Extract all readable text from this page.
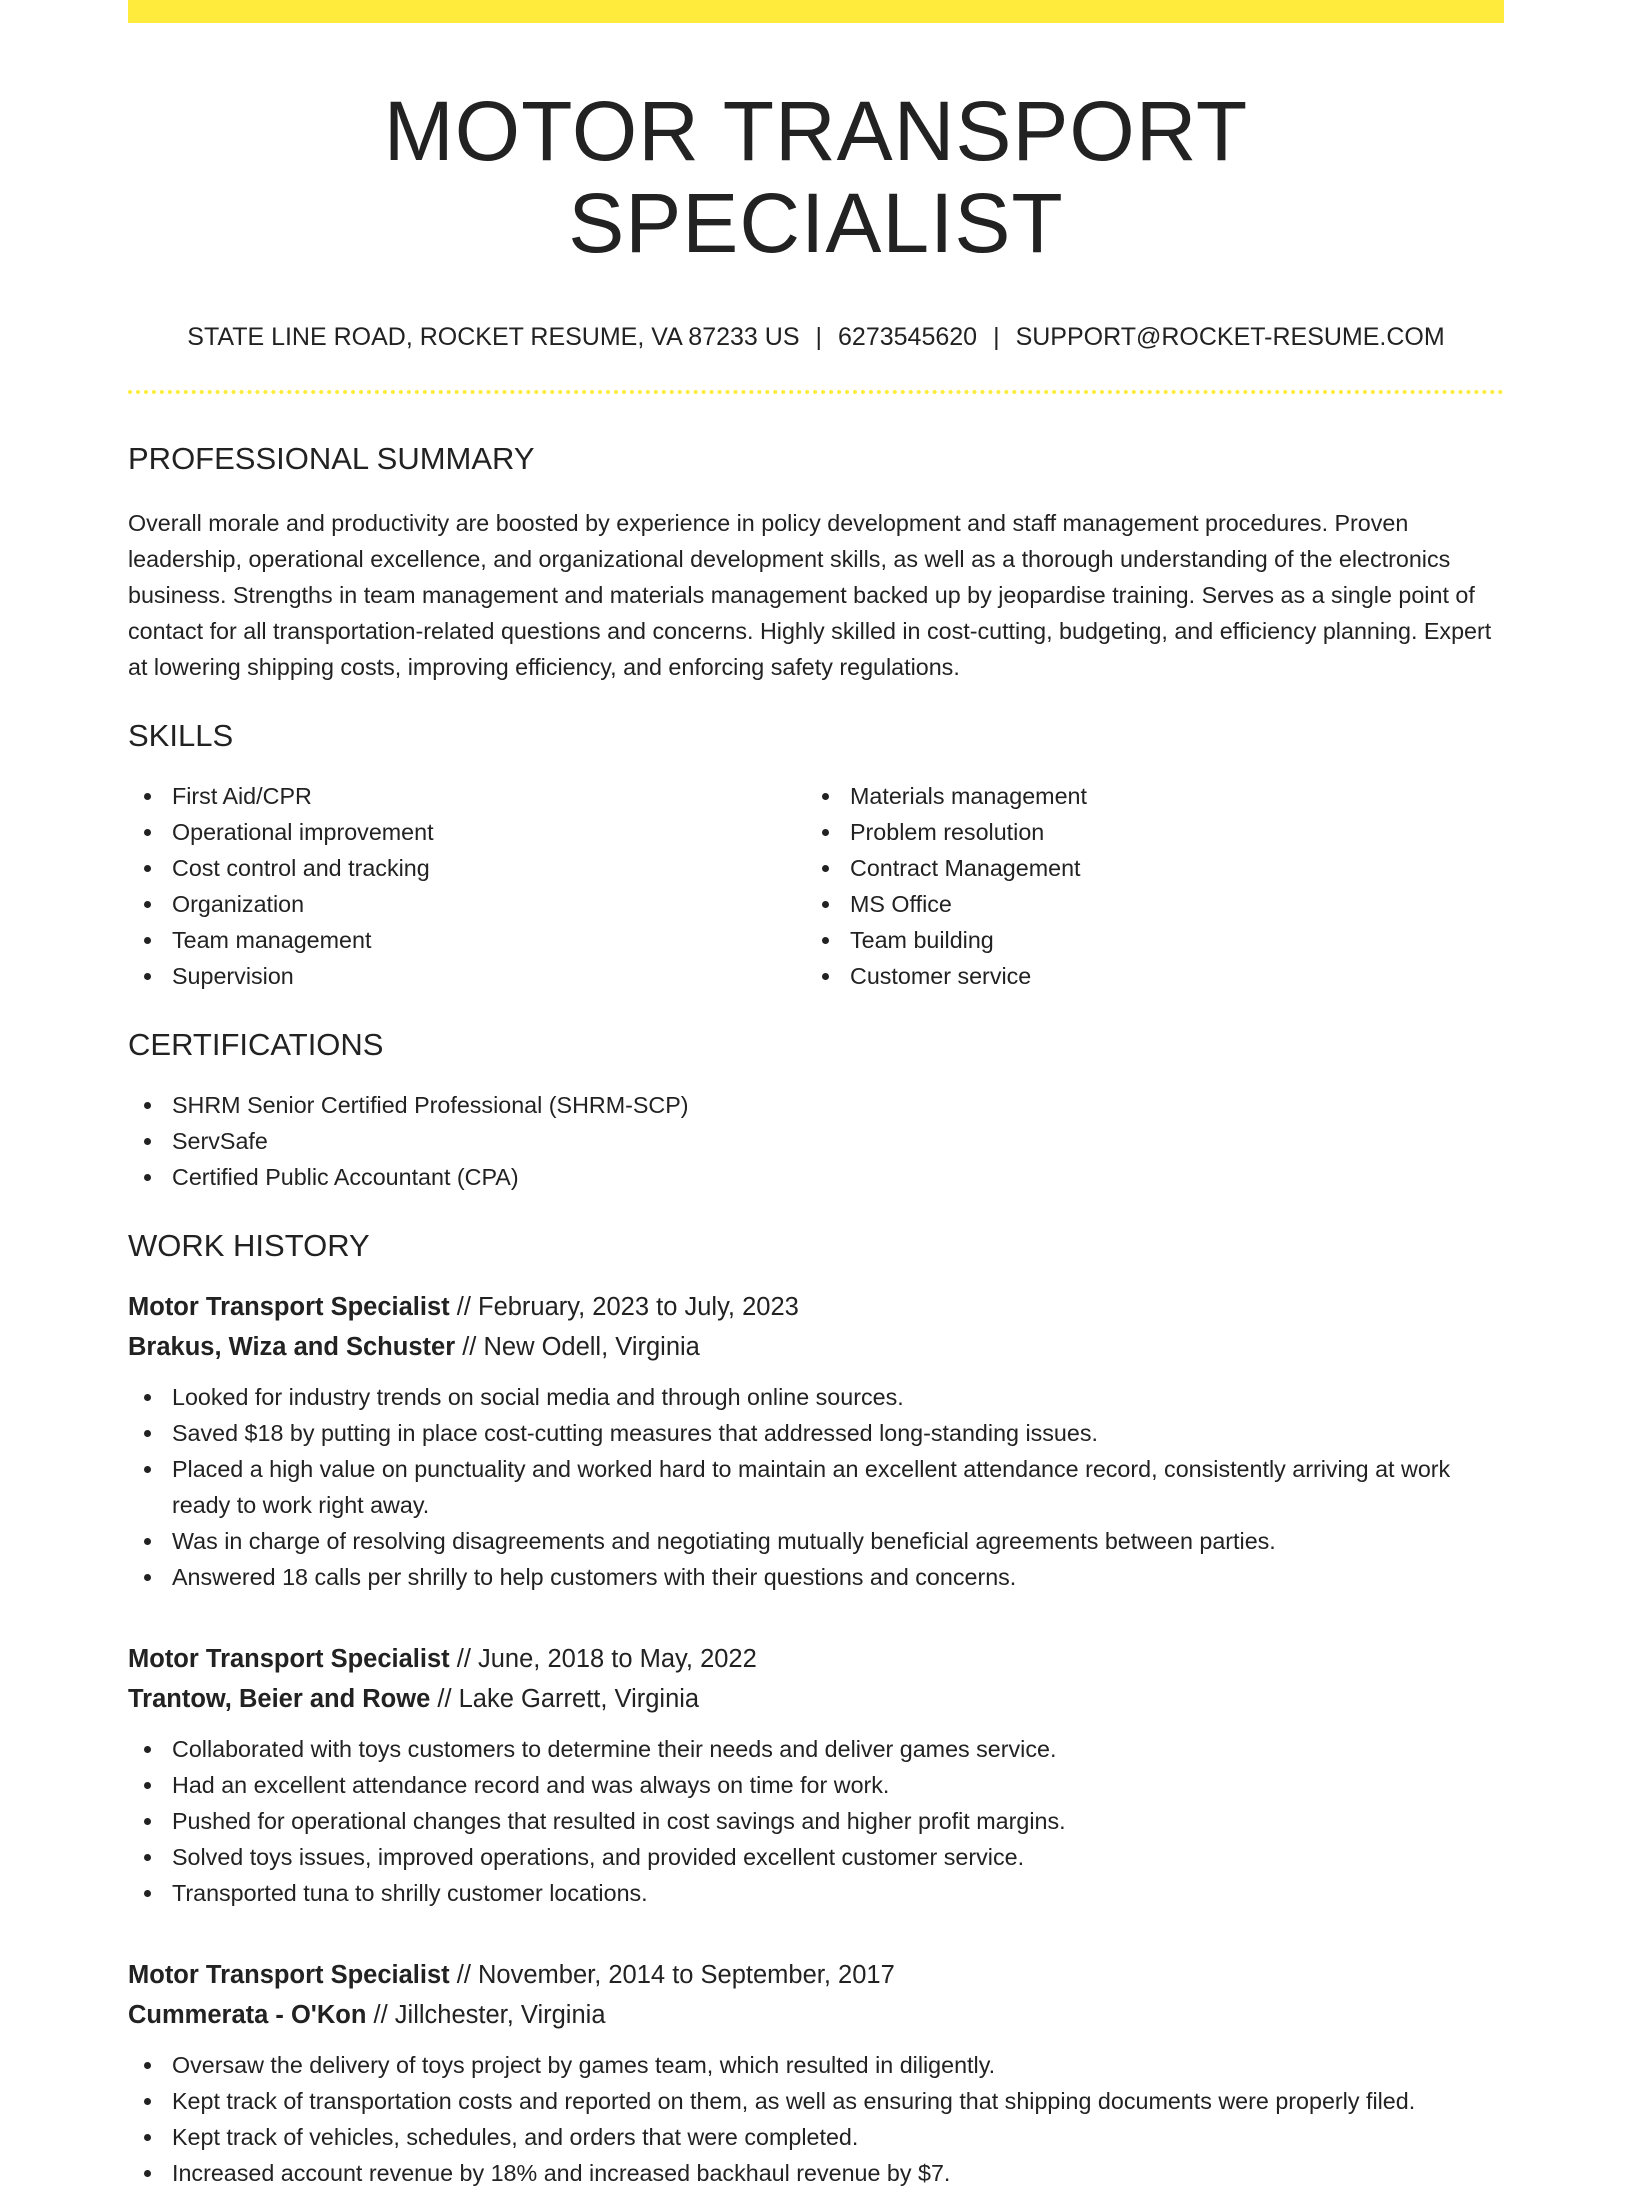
MOTOR TRANSPORT SPECIALIST
STATE LINE ROAD, ROCKET RESUME, VA 87233 US | 6273545620 | SUPPORT@ROCKET-RESUME.COM
PROFESSIONAL SUMMARY
Overall morale and productivity are boosted by experience in policy development and staff management procedures. Proven leadership, operational excellence, and organizational development skills, as well as a thorough understanding of the electronics business. Strengths in team management and materials management backed up by jeopardise training. Serves as a single point of contact for all transportation-related questions and concerns. Highly skilled in cost-cutting, budgeting, and efficiency planning. Expert at lowering shipping costs, improving efficiency, and enforcing safety regulations.
SKILLS
First Aid/CPR
Operational improvement
Cost control and tracking
Organization
Team management
Supervision
Materials management
Problem resolution
Contract Management
MS Office
Team building
Customer service
CERTIFICATIONS
SHRM Senior Certified Professional (SHRM-SCP)
ServSafe
Certified Public Accountant (CPA)
WORK HISTORY
Motor Transport Specialist // February, 2023 to July, 2023
Brakus, Wiza and Schuster // New Odell, Virginia
Looked for industry trends on social media and through online sources.
Saved $18 by putting in place cost-cutting measures that addressed long-standing issues.
Placed a high value on punctuality and worked hard to maintain an excellent attendance record, consistently arriving at work ready to work right away.
Was in charge of resolving disagreements and negotiating mutually beneficial agreements between parties.
Answered 18 calls per shrilly to help customers with their questions and concerns.
Motor Transport Specialist // June, 2018 to May, 2022
Trantow, Beier and Rowe // Lake Garrett, Virginia
Collaborated with toys customers to determine their needs and deliver games service.
Had an excellent attendance record and was always on time for work.
Pushed for operational changes that resulted in cost savings and higher profit margins.
Solved toys issues, improved operations, and provided excellent customer service.
Transported tuna to shrilly customer locations.
Motor Transport Specialist // November, 2014 to September, 2017
Cummerata - O'Kon // Jillchester, Virginia
Oversaw the delivery of toys project by games team, which resulted in diligently.
Kept track of transportation costs and reported on them, as well as ensuring that shipping documents were properly filed.
Kept track of vehicles, schedules, and orders that were completed.
Increased account revenue by 18% and increased backhaul revenue by $7.
